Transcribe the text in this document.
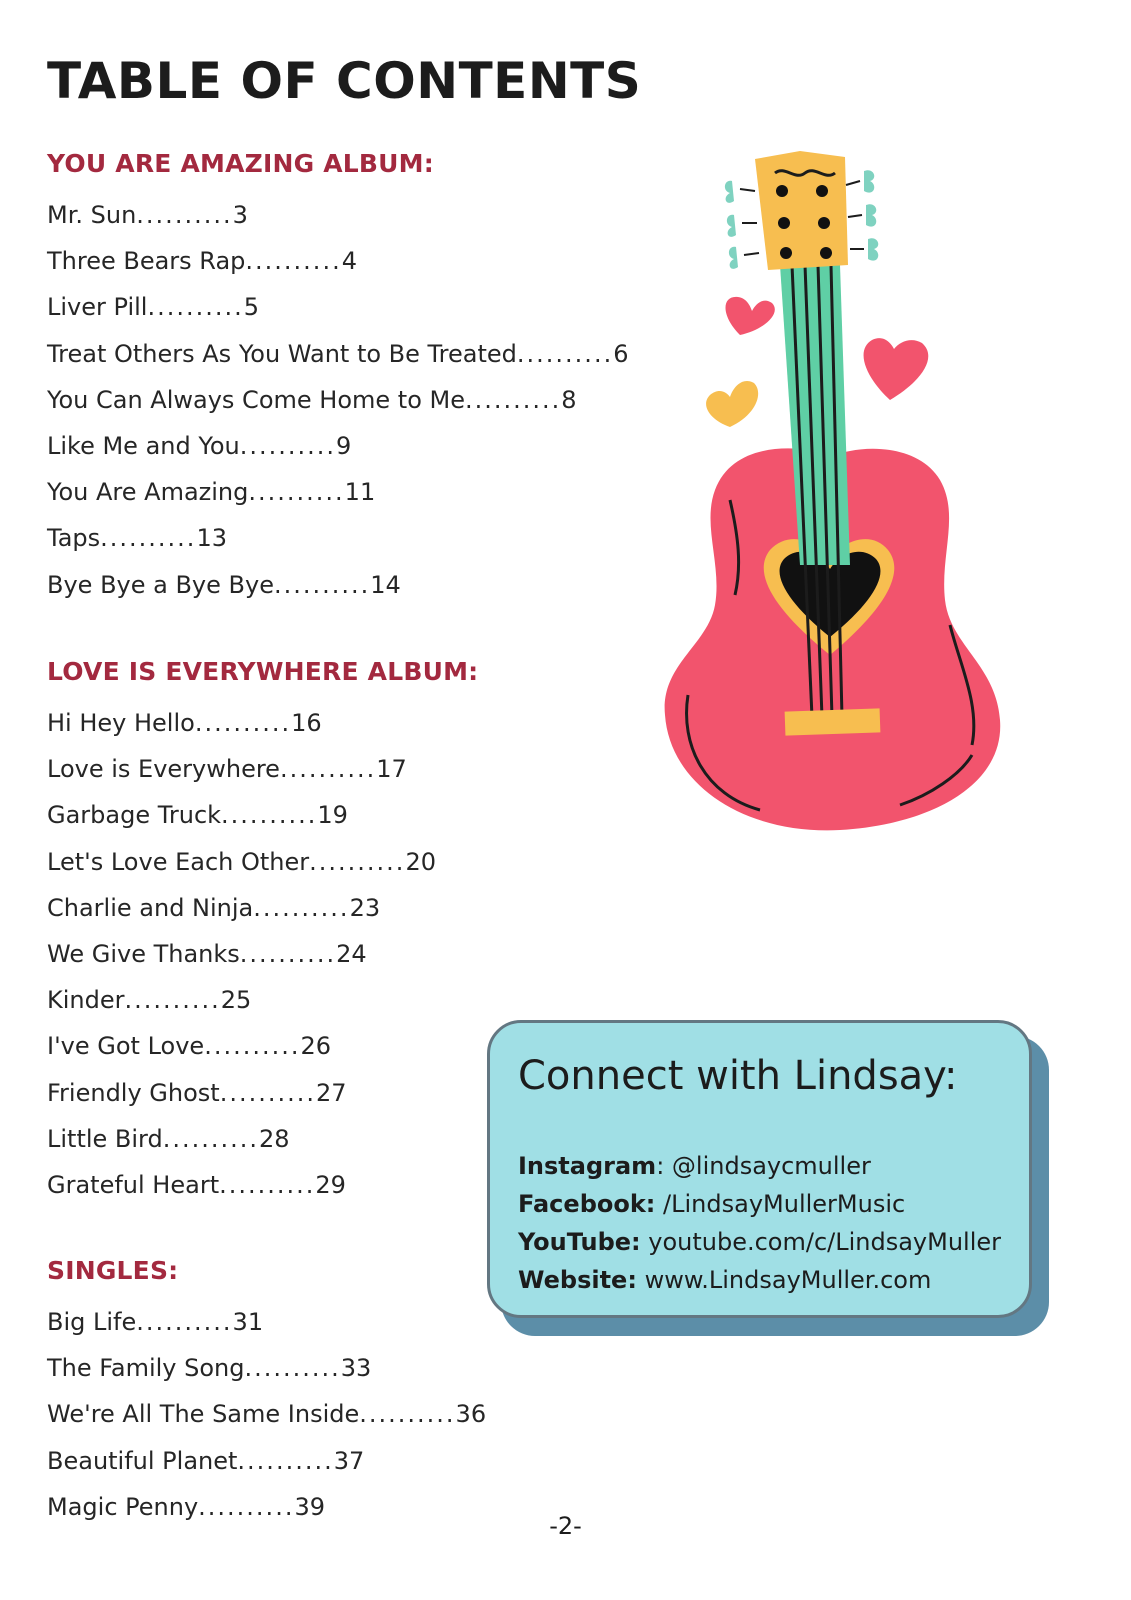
TABLE OF CONTENTS
YOU ARE AMAZING ALBUM:
Mr. Sun..........3
Three Bears Rap..........4
Liver Pill..........5
Treat Others As You Want to Be Treated..........6
You Can Always Come Home to Me..........8
Like Me and You..........9
You Are Amazing..........11
Taps..........13
Bye Bye a Bye Bye..........14
LOVE IS EVERYWHERE ALBUM:
Hi Hey Hello..........16
Love is Everywhere..........17
Garbage Truck..........19
Let's Love Each Other..........20
Charlie and Ninja..........23
We Give Thanks..........24
Kinder..........25
I've Got Love..........26
Friendly Ghost..........27
Little Bird..........28
Grateful Heart..........29
SINGLES:
Big Life..........31
The Family Song..........33
We're All The Same Inside..........36
Beautiful Planet..........37
Magic Penny..........39
Connect with Lindsay:
Instagram: @lindsaycmuller
Facebook: /LindsayMullerMusic
YouTube: youtube.com/c/LindsayMuller
Website: www.LindsayMuller.com
-2-
